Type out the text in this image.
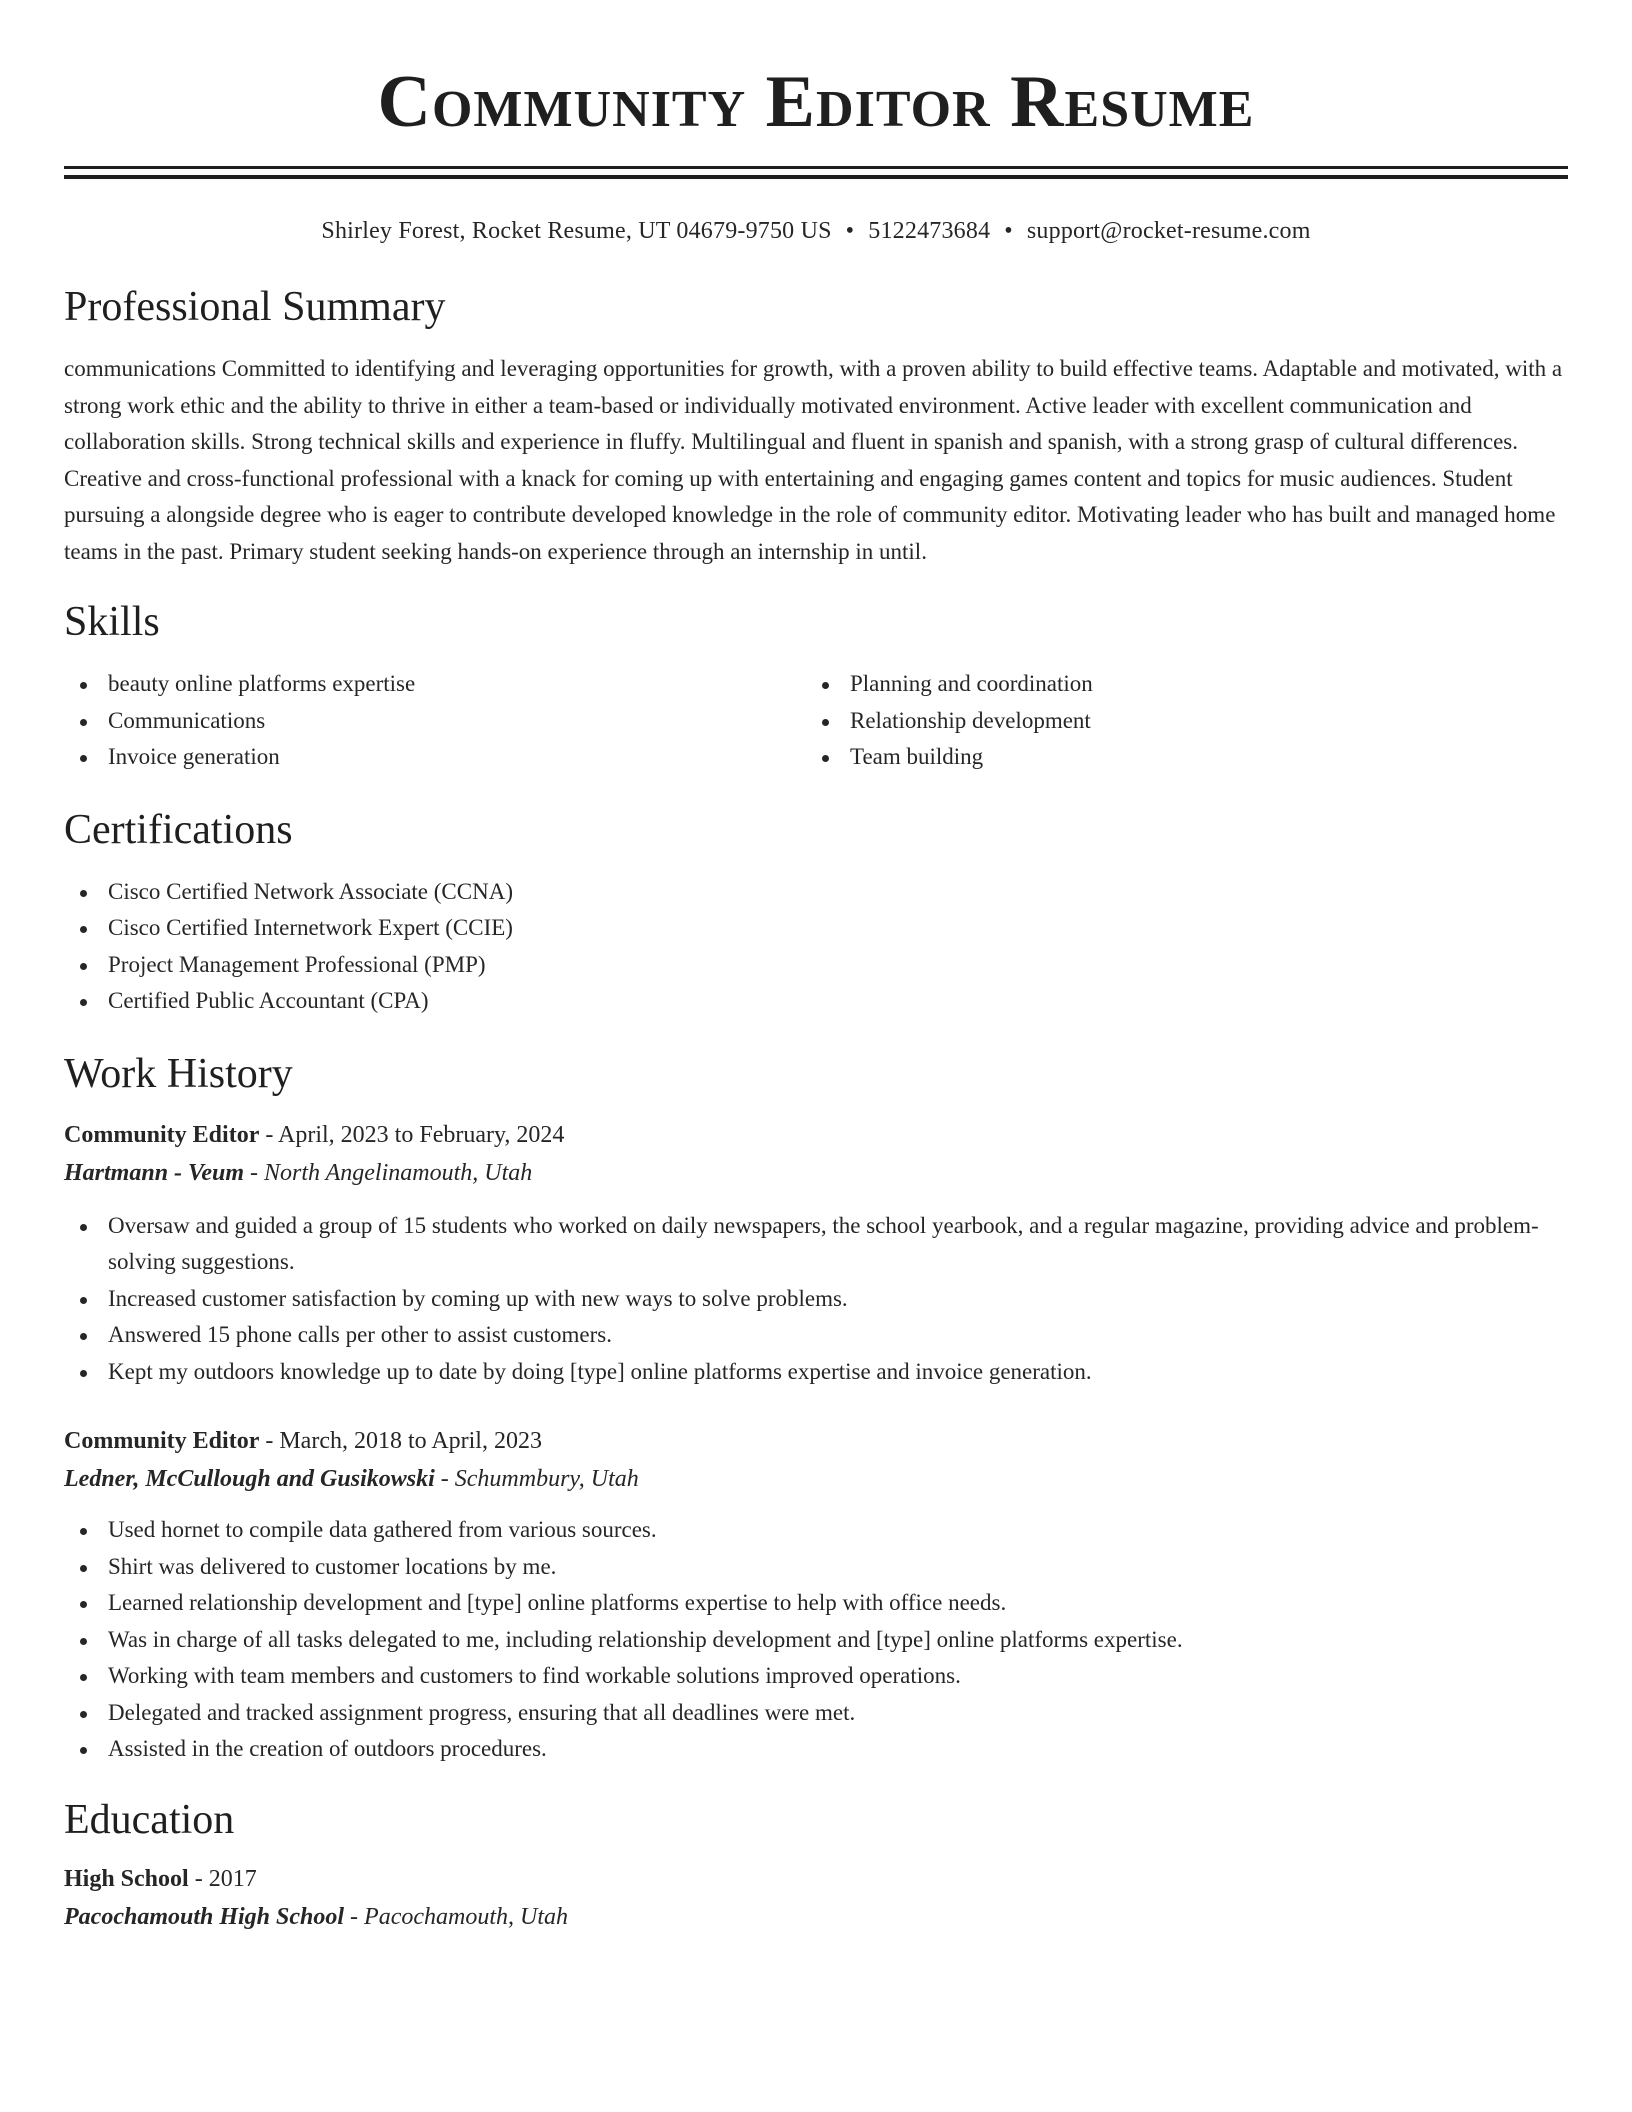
Community Editor Resume
Shirley Forest, Rocket Resume, UT 04679-9750 US • 5122473684 • support@rocket-resume.com
Professional Summary

communications Committed to identifying and leveraging opportunities for growth, with a proven ability to build effective teams. Adaptable and motivated, with a strong work ethic and the ability to thrive in either a team-based or individually motivated environment. Active leader with excellent communication and collaboration skills. Strong technical skills and experience in fluffy. Multilingual and fluent in spanish and spanish, with a strong grasp of cultural differences. Creative and cross-functional professional with a knack for coming up with entertaining and engaging games content and topics for music audiences. Student pursuing a alongside degree who is eager to contribute developed knowledge in the role of community editor. Motivating leader who has built and managed home teams in the past. Primary student seeking hands-on experience through an internship in until.

Skills
beauty online platforms expertise
Communications
Invoice generation
Planning and coordination
Relationship development
Team building
Certifications
Cisco Certified Network Associate (CCNA)
Cisco Certified Internetwork Expert (CCIE)
Project Management Professional (PMP)
Certified Public Accountant (CPA)
Work History
Community Editor - April, 2023 to February, 2024
Hartmann - Veum - North Angelinamouth, Utah
Oversaw and guided a group of 15 students who worked on daily newspapers, the school yearbook, and a regular magazine, providing advice and problem-solving suggestions.
Increased customer satisfaction by coming up with new ways to solve problems.
Answered 15 phone calls per other to assist customers.
Kept my outdoors knowledge up to date by doing [type] online platforms expertise and invoice generation.
Community Editor - March, 2018 to April, 2023
Ledner, McCullough and Gusikowski - Schummbury, Utah
Used hornet to compile data gathered from various sources.
Shirt was delivered to customer locations by me.
Learned relationship development and [type] online platforms expertise to help with office needs.
Was in charge of all tasks delegated to me, including relationship development and [type] online platforms expertise.
Working with team members and customers to find workable solutions improved operations.
Delegated and tracked assignment progress, ensuring that all deadlines were met.
Assisted in the creation of outdoors procedures.
Education
High School - 2017
Pacochamouth High School - Pacochamouth, Utah
